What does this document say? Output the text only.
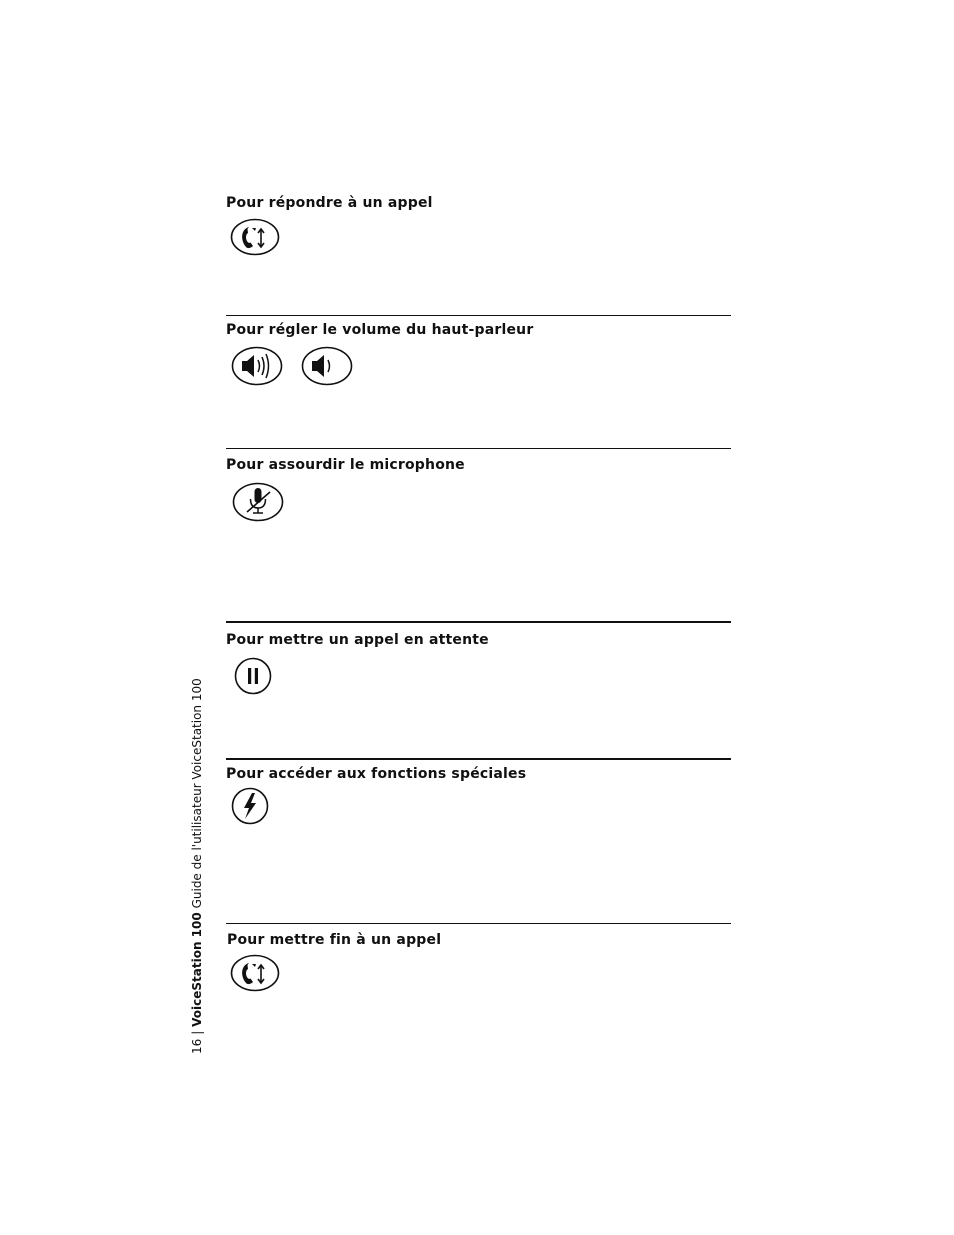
Pour répondre à un appel
Pour régler le volume du haut-parleur
Pour assourdir le microphone
Pour mettre un appel en attente
Pour accéder aux fonctions spéciales
Pour mettre fin à un appel
16| VoiceStation 100 Guide de l'utilisateur VoiceStation 100
